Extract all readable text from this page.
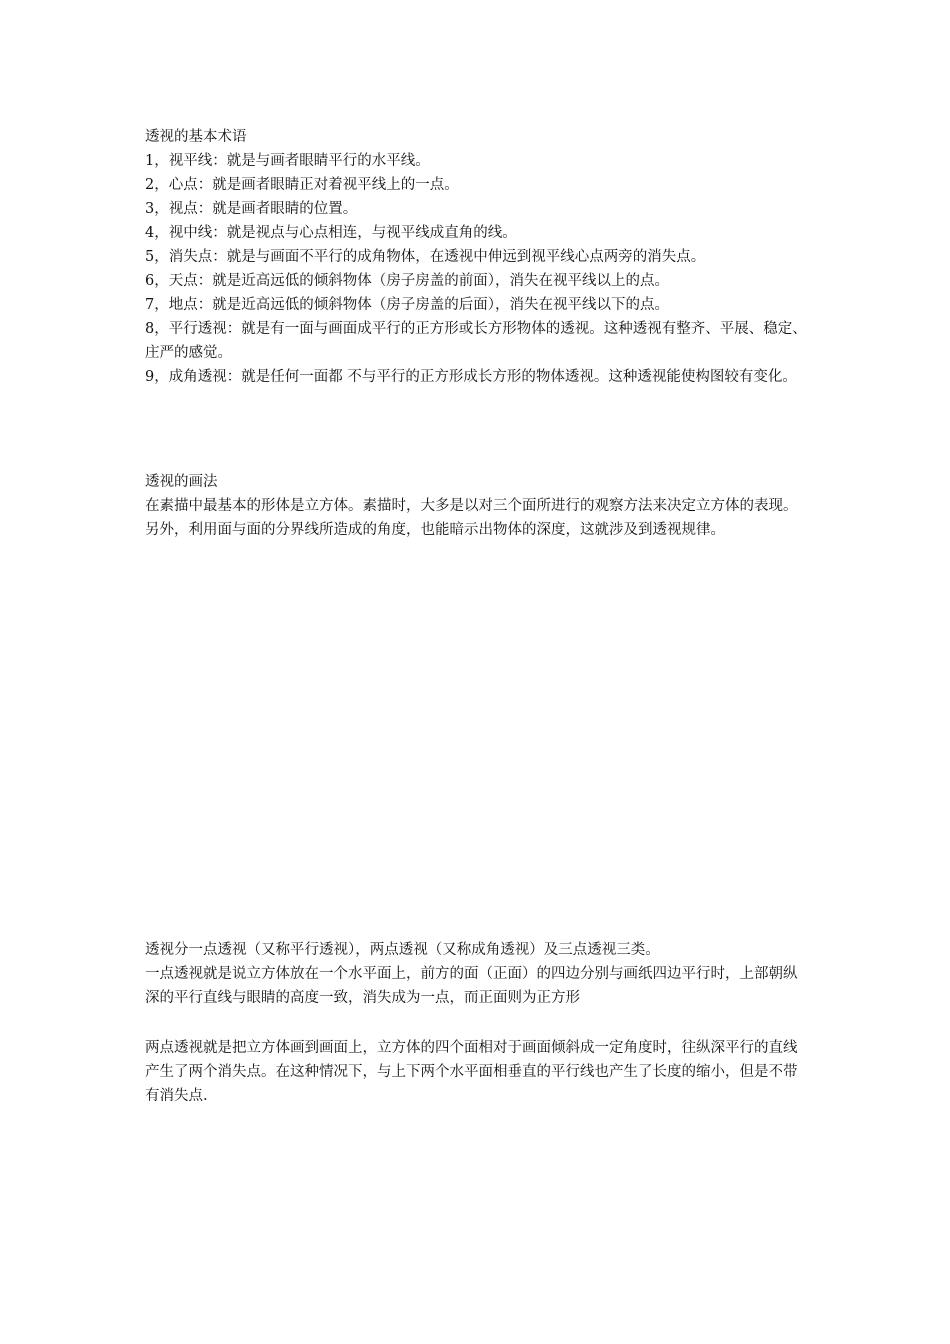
透视的基本术语

1，视平线：就是与画者眼睛平行的水平线。

2，心点：就是画者眼睛正对着视平线上的一点。

3，视点：就是画者眼睛的位置。

4，视中线：就是视点与心点相连，与视平线成直角的线。

5，消失点：就是与画面不平行的成角物体，在透视中伸远到视平线心点两旁的消失点。

6，天点：就是近高远低的倾斜物体（房子房盖的前面），消失在视平线以上的点。

7，地点：就是近高远低的倾斜物体（房子房盖的后面），消失在视平线以下的点。

8，平行透视：就是有一面与画面成平行的正方形或长方形物体的透视。这种透视有整齐、平展、稳定、庄严的感觉。

9，成角透视：就是任何一面都 不与平行的正方形成长方形的物体透视。这种透视能使构图较有变化。

透视的画法

在素描中最基本的形体是立方体。素描时，大多是以对三个面所进行的观察方法来决定立方体的表现。另外，利用面与面的分界线所造成的角度，也能暗示出物体的深度，这就涉及到透视规律。

透视分一点透视（又称平行透视），两点透视（又称成角透视）及三点透视三类。

一点透视就是说立方体放在一个水平面上，前方的面（正面）的四边分别与画纸四边平行时，上部朝纵深的平行直线与眼睛的高度一致，消失成为一点，而正面则为正方形

两点透视就是把立方体画到画面上，立方体的四个面相对于画面倾斜成一定角度时，往纵深平行的直线产生了两个消失点。在这种情况下，与上下两个水平面相垂直的平行线也产生了长度的缩小，但是不带有消失点.
